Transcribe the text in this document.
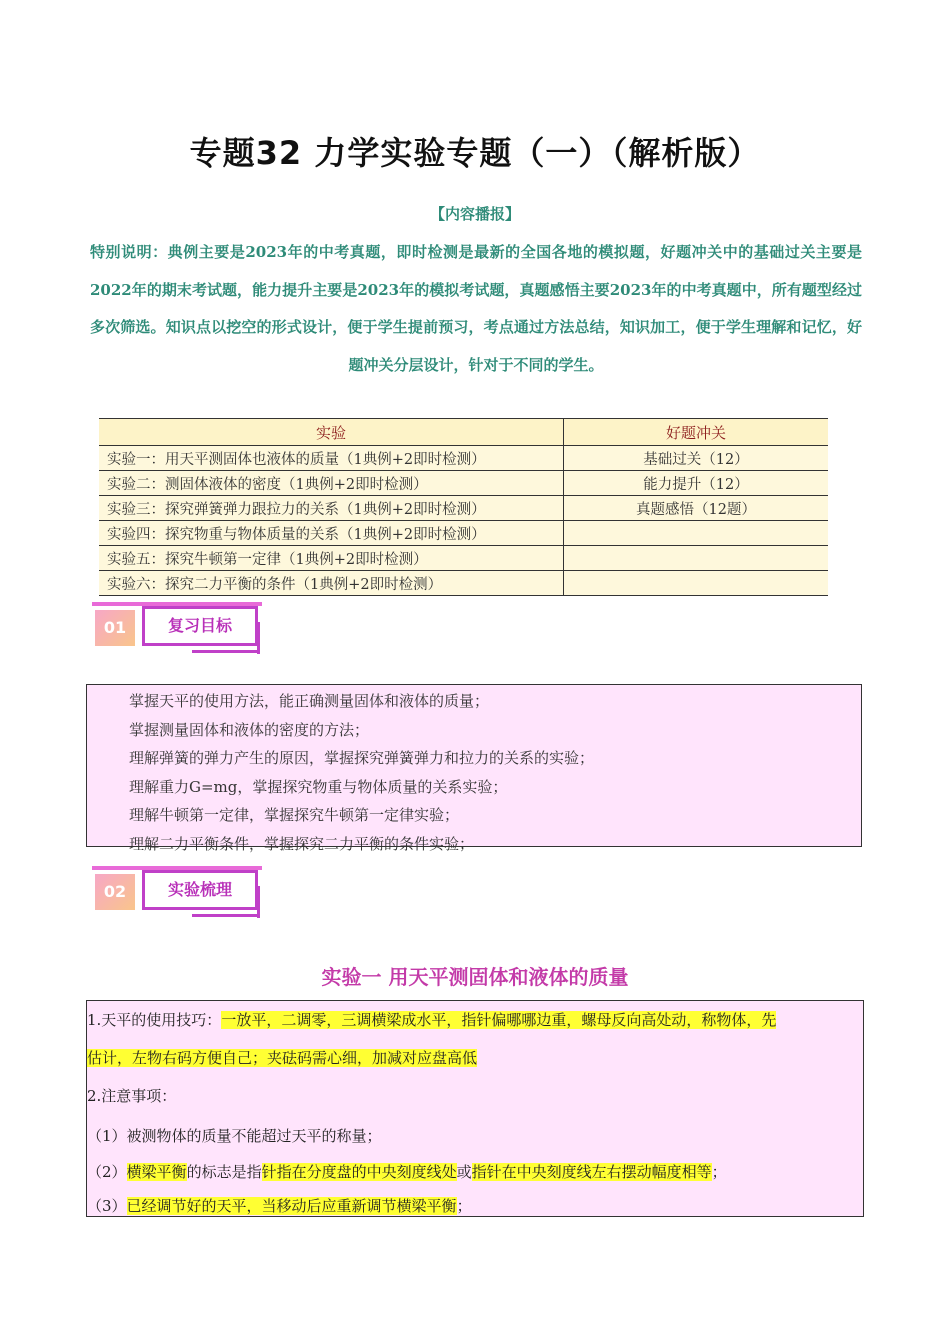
专题32 力学实验专题（一）（解析版）
【内容播报】
特别说明：典例主要是2023年的中考真题，即时检测是最新的全国各地的模拟题，好题冲关中的基础过关主要是2022年的期末考试题，能力提升主要是2023年的模拟考试题，真题感悟主要2023年的中考真题中，所有题型经过多次筛选。知识点以挖空的形式设计，便于学生提前预习，考点通过方法总结，知识加工，便于学生理解和记忆，好题冲关分层设计，针对于不同的学生。
实验	好题冲关
实验一：用天平测固体也液体的质量（1典例+2即时检测）	基础过关（12）
实验二：测固体液体的密度（1典例+2即时检测）	能力提升（12）
实验三：探究弹簧弹力跟拉力的关系（1典例+2即时检测）	真题感悟（12题）
实验四：探究物重与物体质量的关系（1典例+2即时检测）	
实验五：探究牛顿第一定律（1典例+2即时检测）	
实验六：探究二力平衡的条件（1典例+2即时检测）	
01	复习目标
掌握天平的使用方法，能正确测量固体和液体的质量；
掌握测量固体和液体的密度的方法；
理解弹簧的弹力产生的原因，掌握探究弹簧弹力和拉力的关系的实验；
理解重力G=mg，掌握探究物重与物体质量的关系实验；
理解牛顿第一定律，掌握探究牛顿第一定律实验；
理解二力平衡条件，掌握探究二力平衡的条件实验；
02	实验梳理
实验一 用天平测固体和液体的质量
1.天平的使用技巧：一放平，二调零，三调横梁成水平，指针偏哪哪边重，螺母反向高处动，称物体，先
估计，左物右码方便自己；夹砝码需心细，加减对应盘高低
2.注意事项：
（1）被测物体的质量不能超过天平的称量；
（2）横梁平衡的标志是指针指在分度盘的中央刻度线处或指针在中央刻度线左右摆动幅度相等；
（3）已经调节好的天平，当移动后应重新调节横梁平衡；
